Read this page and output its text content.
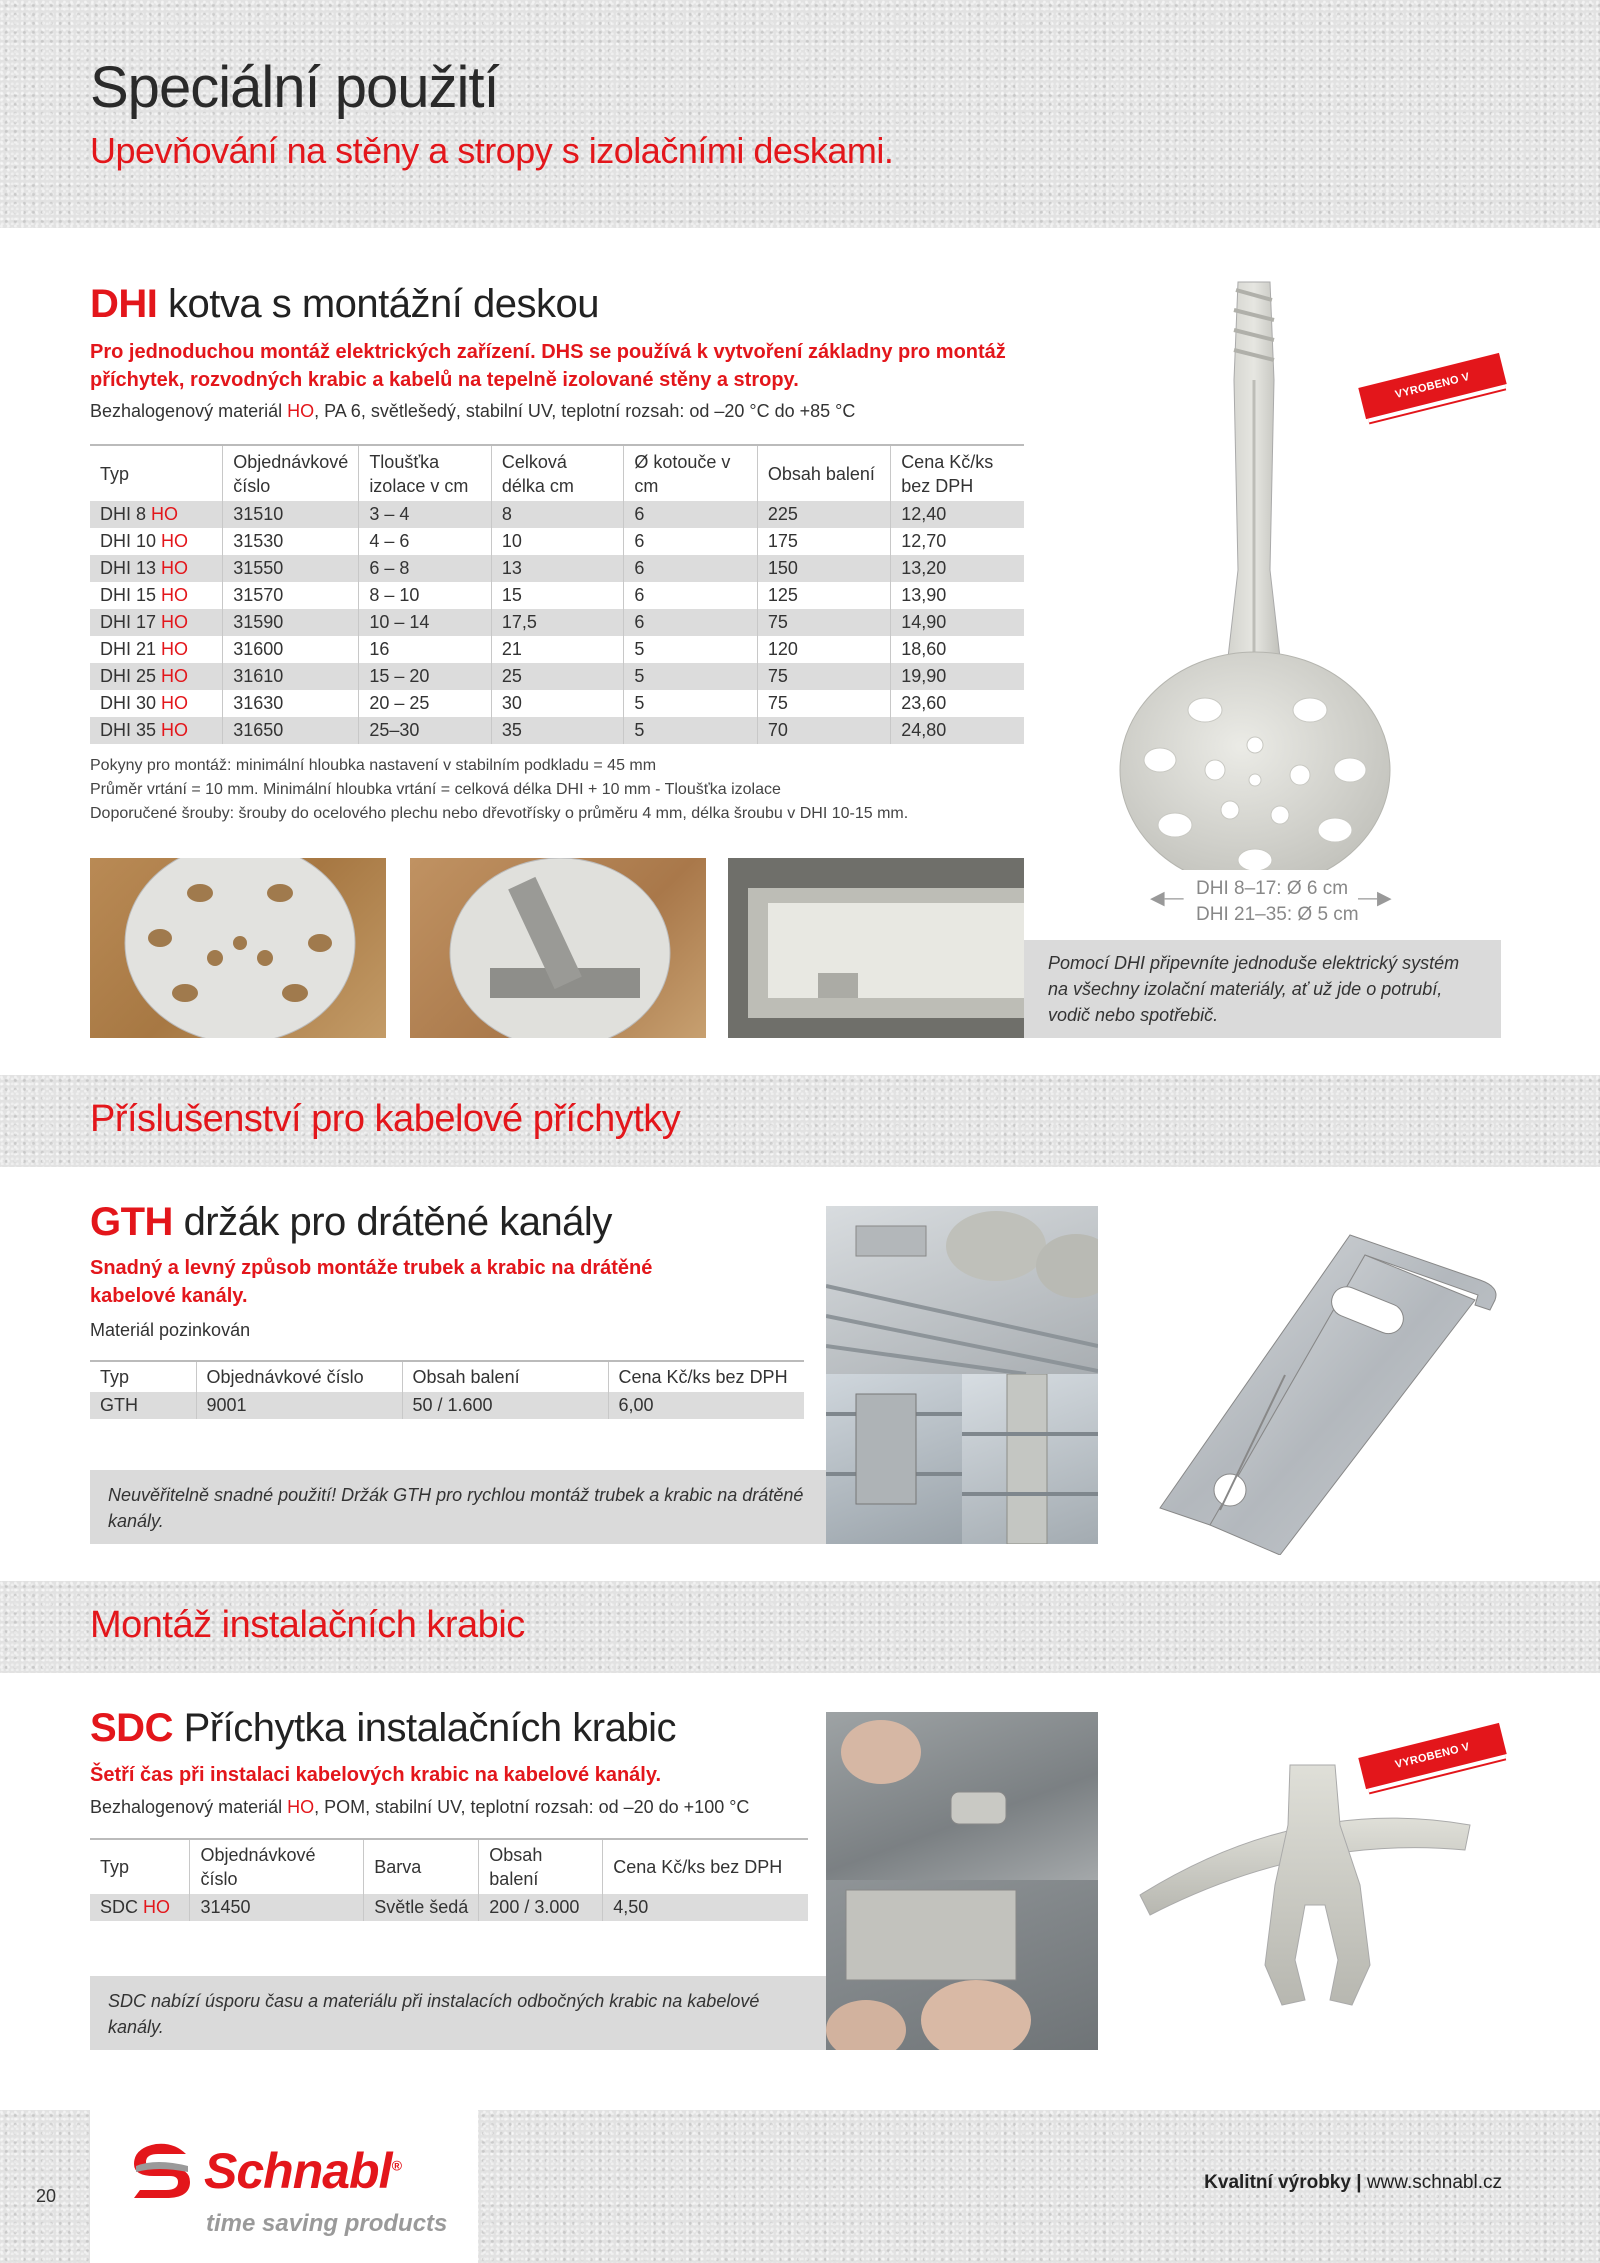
Speciální použití
Upevňování na stěny a stropy s izolačními deskami.
DHI kotva s montážní deskou
Pro jednoduchou montáž elektrických zařízení. DHS se používá k vytvoření základny pro montáž příchytek, rozvodných krabic a kabelů na tepelně izolované stěny a stropy.
Bezhalogenový materiál HO, PA 6, světlešedý, stabilní UV, teplotní rozsah: od –20 °C do +85 °C
Typ	Objednávkové číslo	Tloušťka izolace v cm	Celková délka cm	Ø kotouče v cm	Obsah balení	Cena Kč/ks bez DPH
DHI 8 HO	31510	3 – 4	8	6	225	12,40
DHI 10 HO	31530	4 – 6	10	6	175	12,70
DHI 13 HO	31550	6 – 8	13	6	150	13,20
DHI 15 HO	31570	8 – 10	15	6	125	13,90
DHI 17 HO	31590	10 – 14	17,5	6	75	14,90
DHI 21 HO	31600	16	21	5	120	18,60
DHI 25 HO	31610	15 – 20	25	5	75	19,90
DHI 30 HO	31630	20 – 25	30	5	75	23,60
DHI 35 HO	31650	25–30	35	5	70	24,80
Pokyny pro montáž: minimální hloubka nastavení v stabilním podkladu = 45 mm
Průměr vrtání = 10 mm. Minimální hloubka vrtání = celková délka DHI + 10 mm - Tloušťka izolace
Doporučené šrouby: šrouby do ocelového plechu nebo dřevotřísky o průměru 4 mm, délka šroubu v DHI 10-15 mm.
VYROBENO V RAKOUSKU
◀― DHI 8–17: Ø 6 cm
DHI 21–35: Ø 5 cm
―▶
Pomocí DHI připevníte jednoduše elektrický systém na všechny izolační materiály, ať už jde o potrubí, vodič nebo spotřebič.
Příslušenství pro kabelové příchytky
GTH držák pro drátěné kanály
Snadný a levný způsob montáže trubek a krabic na drátěné kabelové kanály.
Materiál pozinkován
Typ	Objednávkové číslo	Obsah balení	Cena Kč/ks bez DPH
GTH	9001	50 / 1.600	6,00
Neuvěřitelně snadné použití! Držák GTH pro rychlou montáž trubek a krabic na drátěné kanály.
Montáž instalačních krabic
SDC Příchytka instalačních krabic
Šetří čas při instalaci kabelových krabic na kabelové kanály.
Bezhalogenový materiál HO, POM, stabilní UV, teplotní rozsah: od –20 do +100 °C
Typ	Objednávkové číslo	Barva	Obsah balení	Cena Kč/ks bez DPH
SDC HO	31450	Světle šedá	200 / 3.000	4,50
SDC nabízí úsporu času a materiálu při instalacích odbočných krabic na kabelové kanály.
VYROBENO V RAKOUSKU
20	Schnabl®
time saving products
Kvalitní výrobky | www.schnabl.cz
